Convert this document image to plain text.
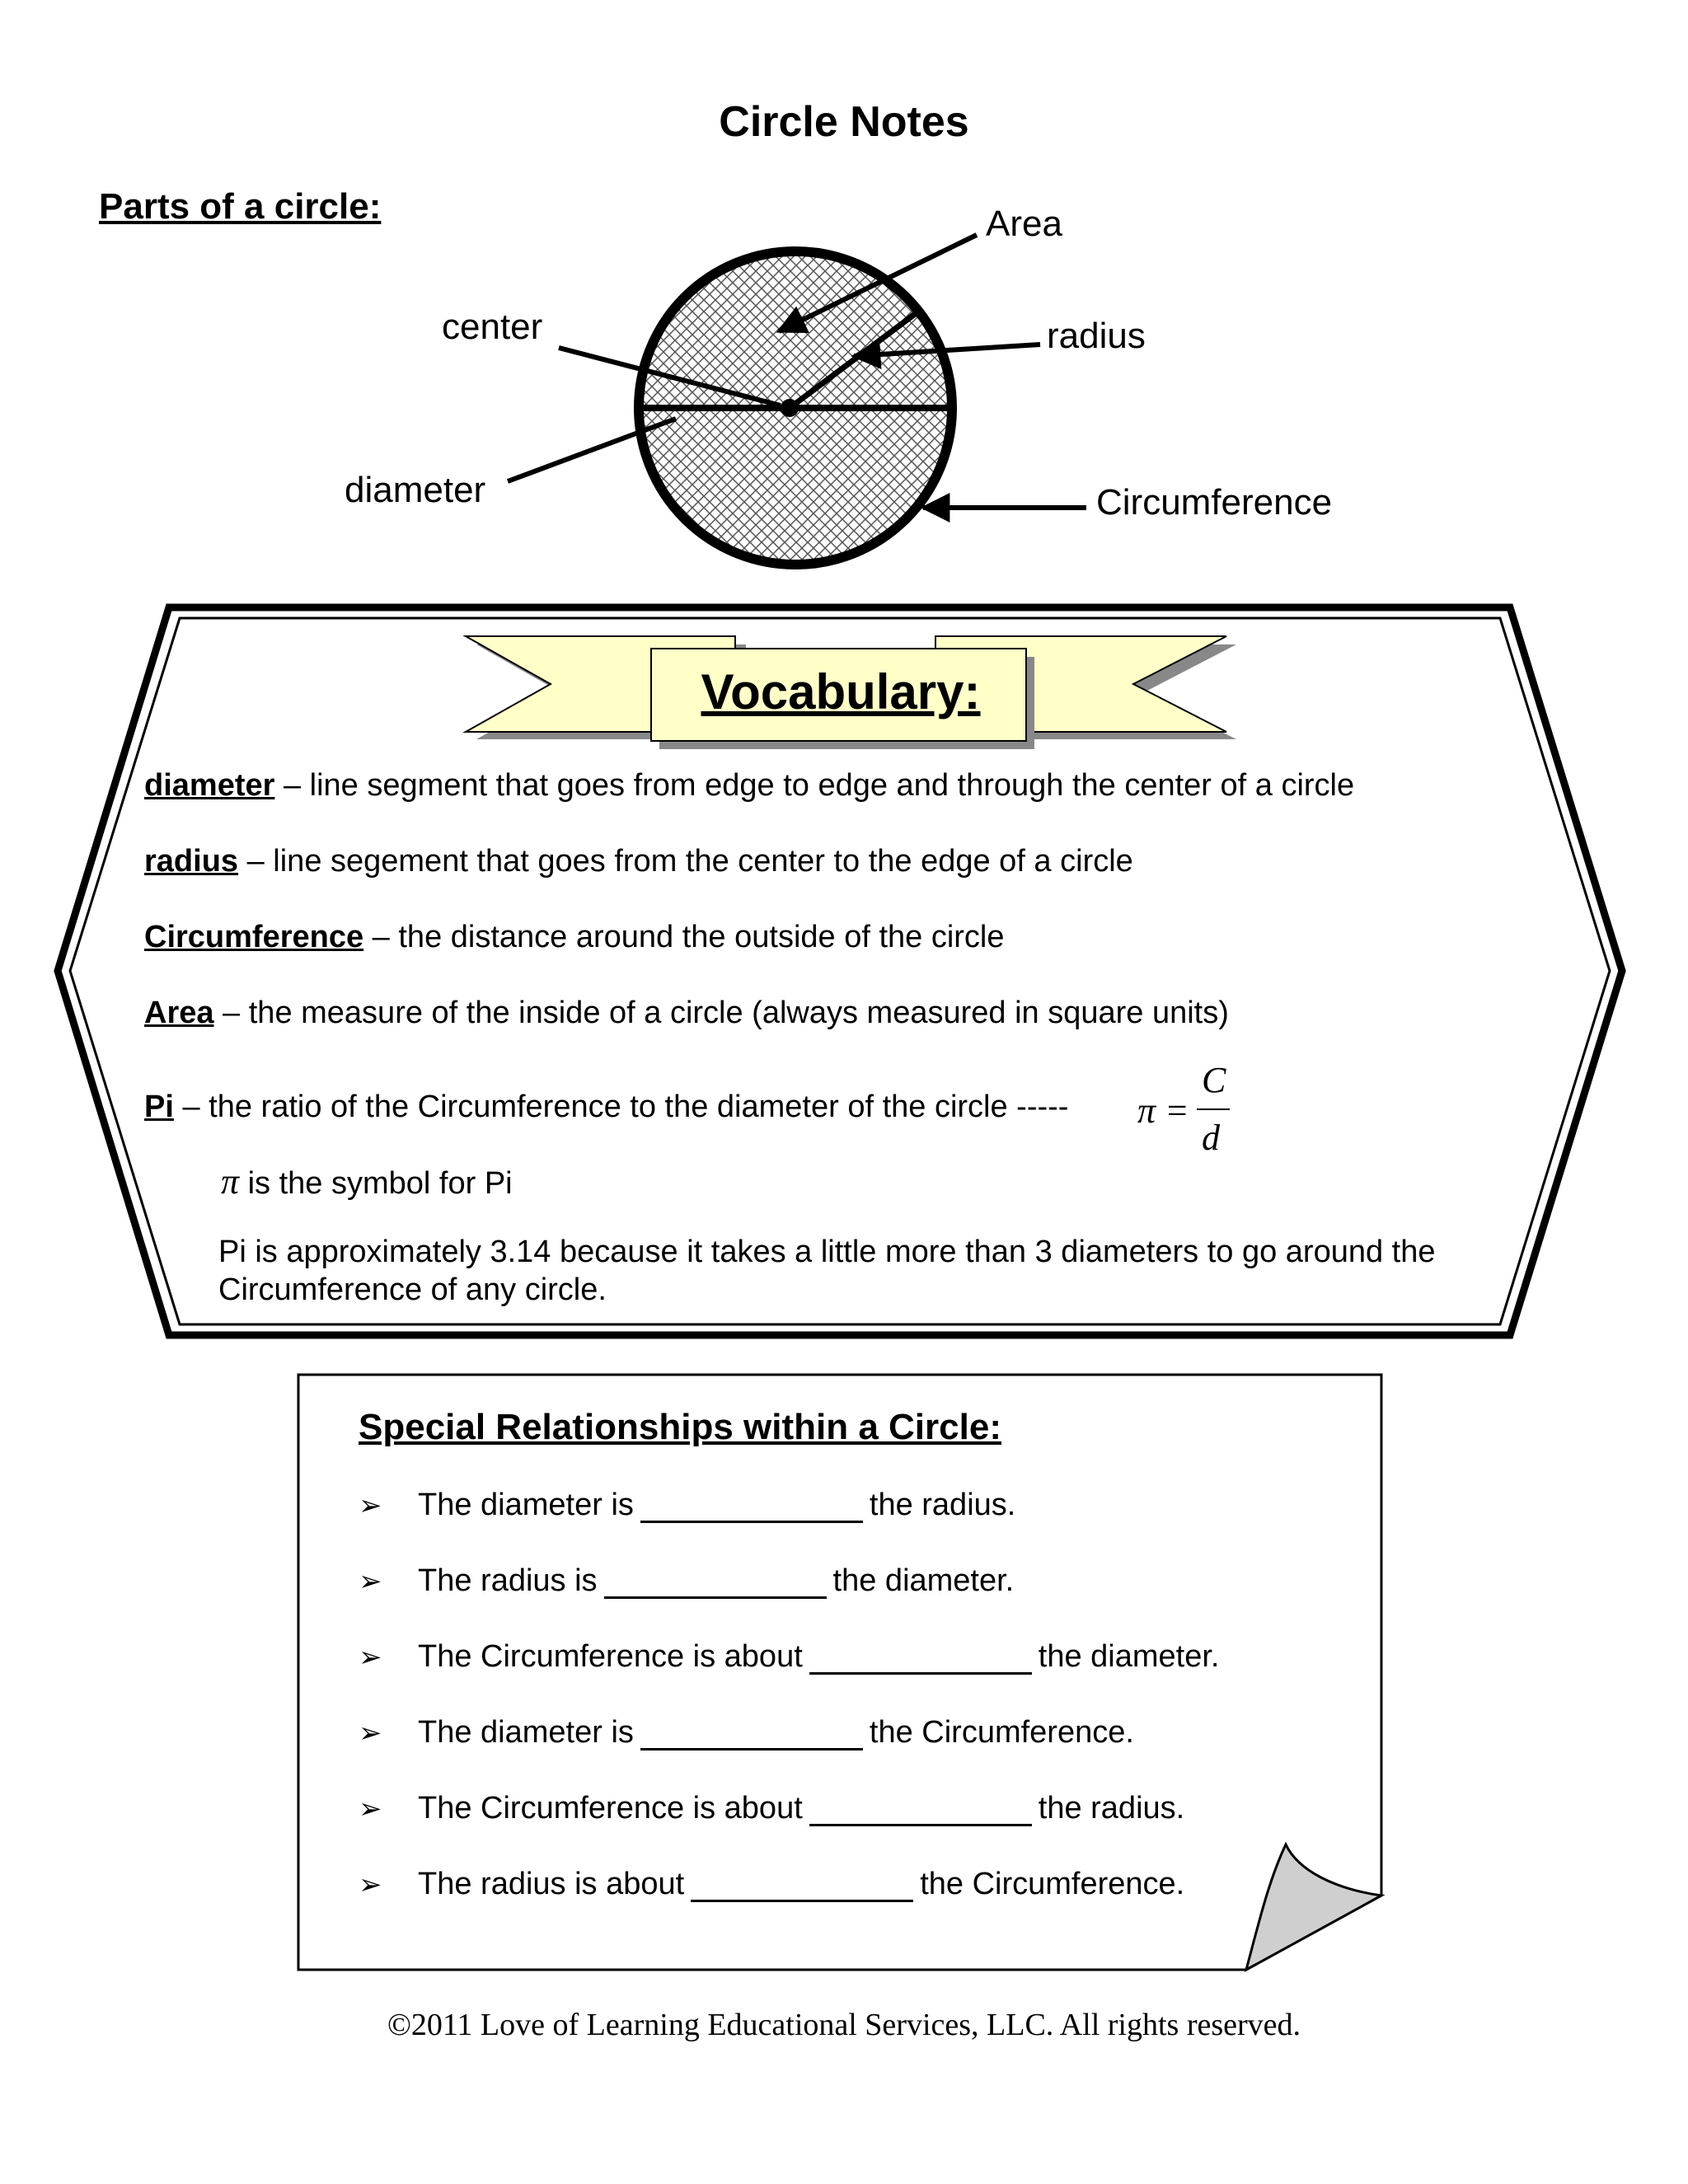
Circle Notes
Parts of a circle:	Area
center	radius
diameter	Circumference
Vocabulary:
diameter – line segment that goes from edge to edge and through the center of a circle
radius – line segement that goes from the center to the edge of a circle
Circumference – the distance around the outside of the circle
Area – the measure of the inside of a circle (always measured in square units)
Pi – the ratio of the Circumference to the diameter of the circle ----- π =
C
d
π is the symbol for Pi
Pi is approximately 3.14 because it takes a little more than 3 diameters to go around the Circumference of any circle.
Special Relationships within a Circle:
➢ The diameter is	the radius.
➢ The radius is	the diameter.
➢ The Circumference is about	the diameter.
➢ The diameter is	the Circumference.
➢ The Circumference is about	the radius.
➢ The radius is about	the Circumference.
©2011 Love of Learning Educational Services, LLC. All rights reserved.
